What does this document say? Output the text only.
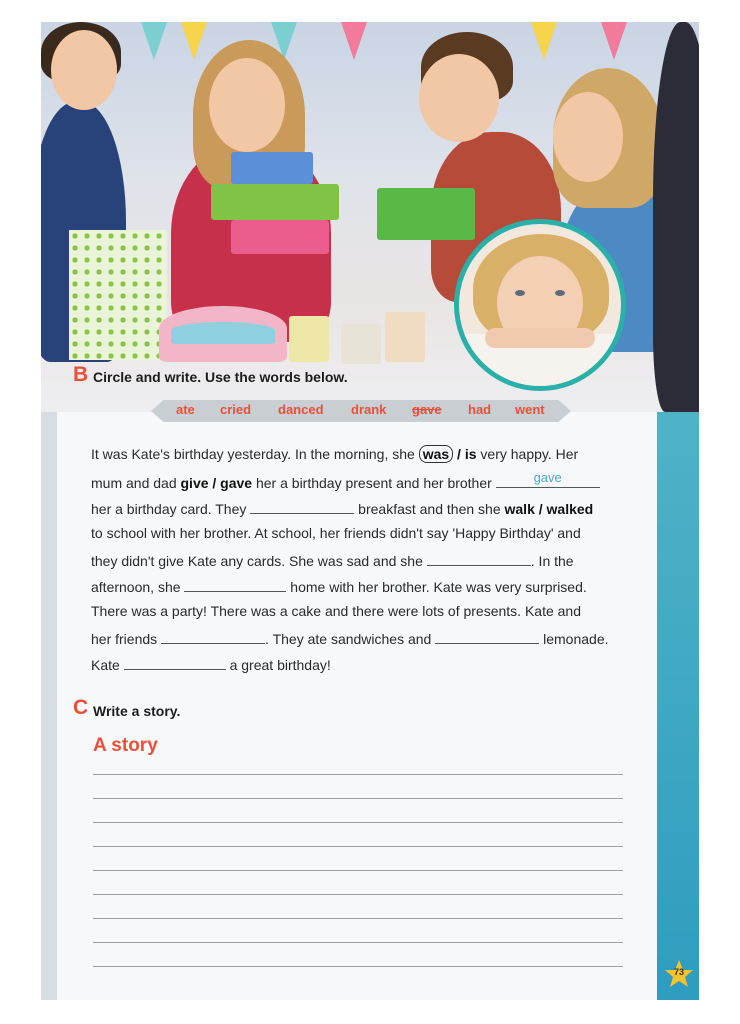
B Circle and write. Use the words below.
ate cried danced drank gave had went
It was Kate's birthday yesterday. In the morning, she was / is very happy. Her
mum and dad give / gave her a birthday present and her brother	gave
her a birthday card. They	breakfast and then she walk / walked
to school with her brother. At school, her friends didn't say 'Happy Birthday' and
they didn't give Kate any cards. She was sad and she	. In the
afternoon, she	home with her brother. Kate was very surprised.
There was a party! There was a cake and there were lots of presents. Kate and
her friends	. They ate sandwiches and	lemonade.
Kate	a great birthday!
C Write a story.
A story
73
